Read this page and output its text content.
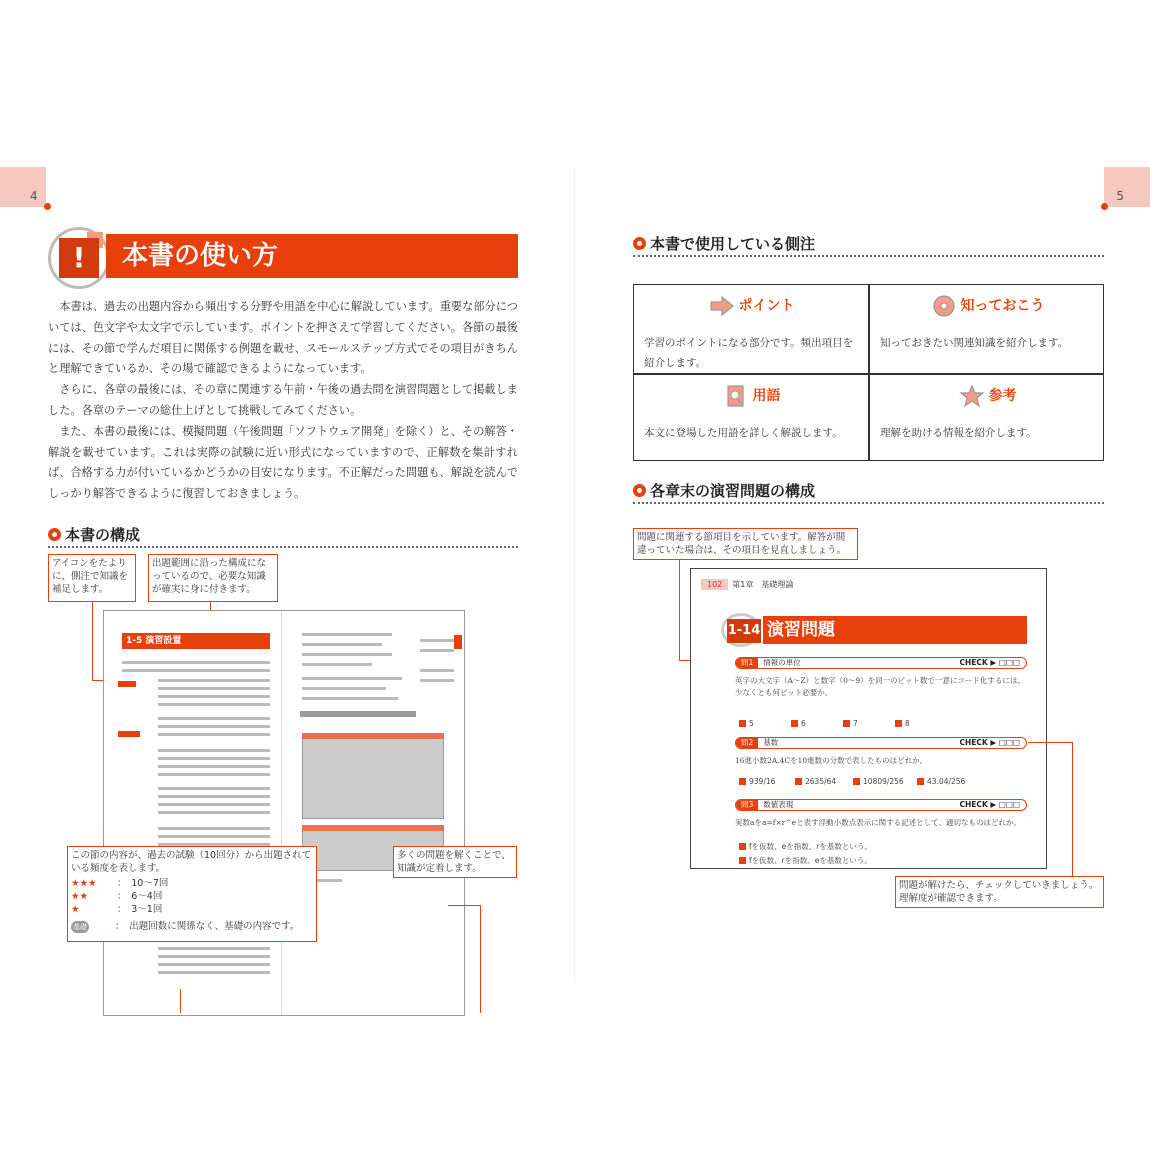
4
!	本書の使い方

本書は、過去の出題内容から頻出する分野や用語を中心に解説しています。重要な部分については、色文字や太文字で示しています。ポイントを押さえて学習してください。各節の最後には、その節で学んだ項目に関係する例題を載せ、スモールステップ方式でその項目がきちんと理解できているか、その場で確認できるようになっています。

さらに、各章の最後には、その章に関連する午前・午後の過去問を演習問題として掲載しました。各章のテーマの総仕上げとして挑戦してみてください。

また、本書の最後には、模擬問題（午後問題「ソフトウェア開発」を除く）と、その解答・解説を載せています。これは実際の試験に近い形式になっていますので、正解数を集計すれば、合格する力が付いているかどうかの目安になります。不正解だった問題も、解説を読んでしっかり解答できるように復習しておきましょう。

本書の構成
アイコンをたよりに、側注で知識を補足します。
出題範囲に沿った構成になっているので、必要な知識が確実に身に付きます。
1-5 演習設置
この節の内容が、過去の試験（10回分）から出題されている頻度を表します。
★★★ ：　10～7回
★★	：　6～4回
★	：　3～1回
基礎	：　出題回数に関係なく、基礎の内容です。
多くの問題を解くことで、知識が定着します。
5
本書で使用している側注
各章末の演習問題の構成
ポイント
学習のポイントになる部分です。頻出項目を紹介します。
知っておこう
知っておきたい関連知識を紹介します。
用語
本文に登場した用語を詳しく解説します。
参考
理解を助ける情報を紹介します。
問題に関連する節項目を示しています。解答が間違っていた場合は、その項目を見直しましょう。
102 第1章　基礎理論
1-14 演習問題
問1 情報の単位	CHECK ▶ □□□
英字の大文字（A～Z）と数字（0～9）を同一のビット数で一意にコード化するには、少なくとも何ビット必要か。
5	6	7	8
問2 基数	CHECK ▶ □□□
16進小数2A.4Cを10進数の分数で表したものはどれか。
939/16	2635/64	10809/256	43.04/256
問3 数値表現	CHECK ▶ □□□
実数aをa=f×r^eと表す浮動小数点表示に関する記述として、適切なものはどれか。
fを仮数、eを指数、rを基数という。
fを仮数、rを指数、eを基数という。
問題が解けたら、チェックしていきましょう。理解度が確認できます。
